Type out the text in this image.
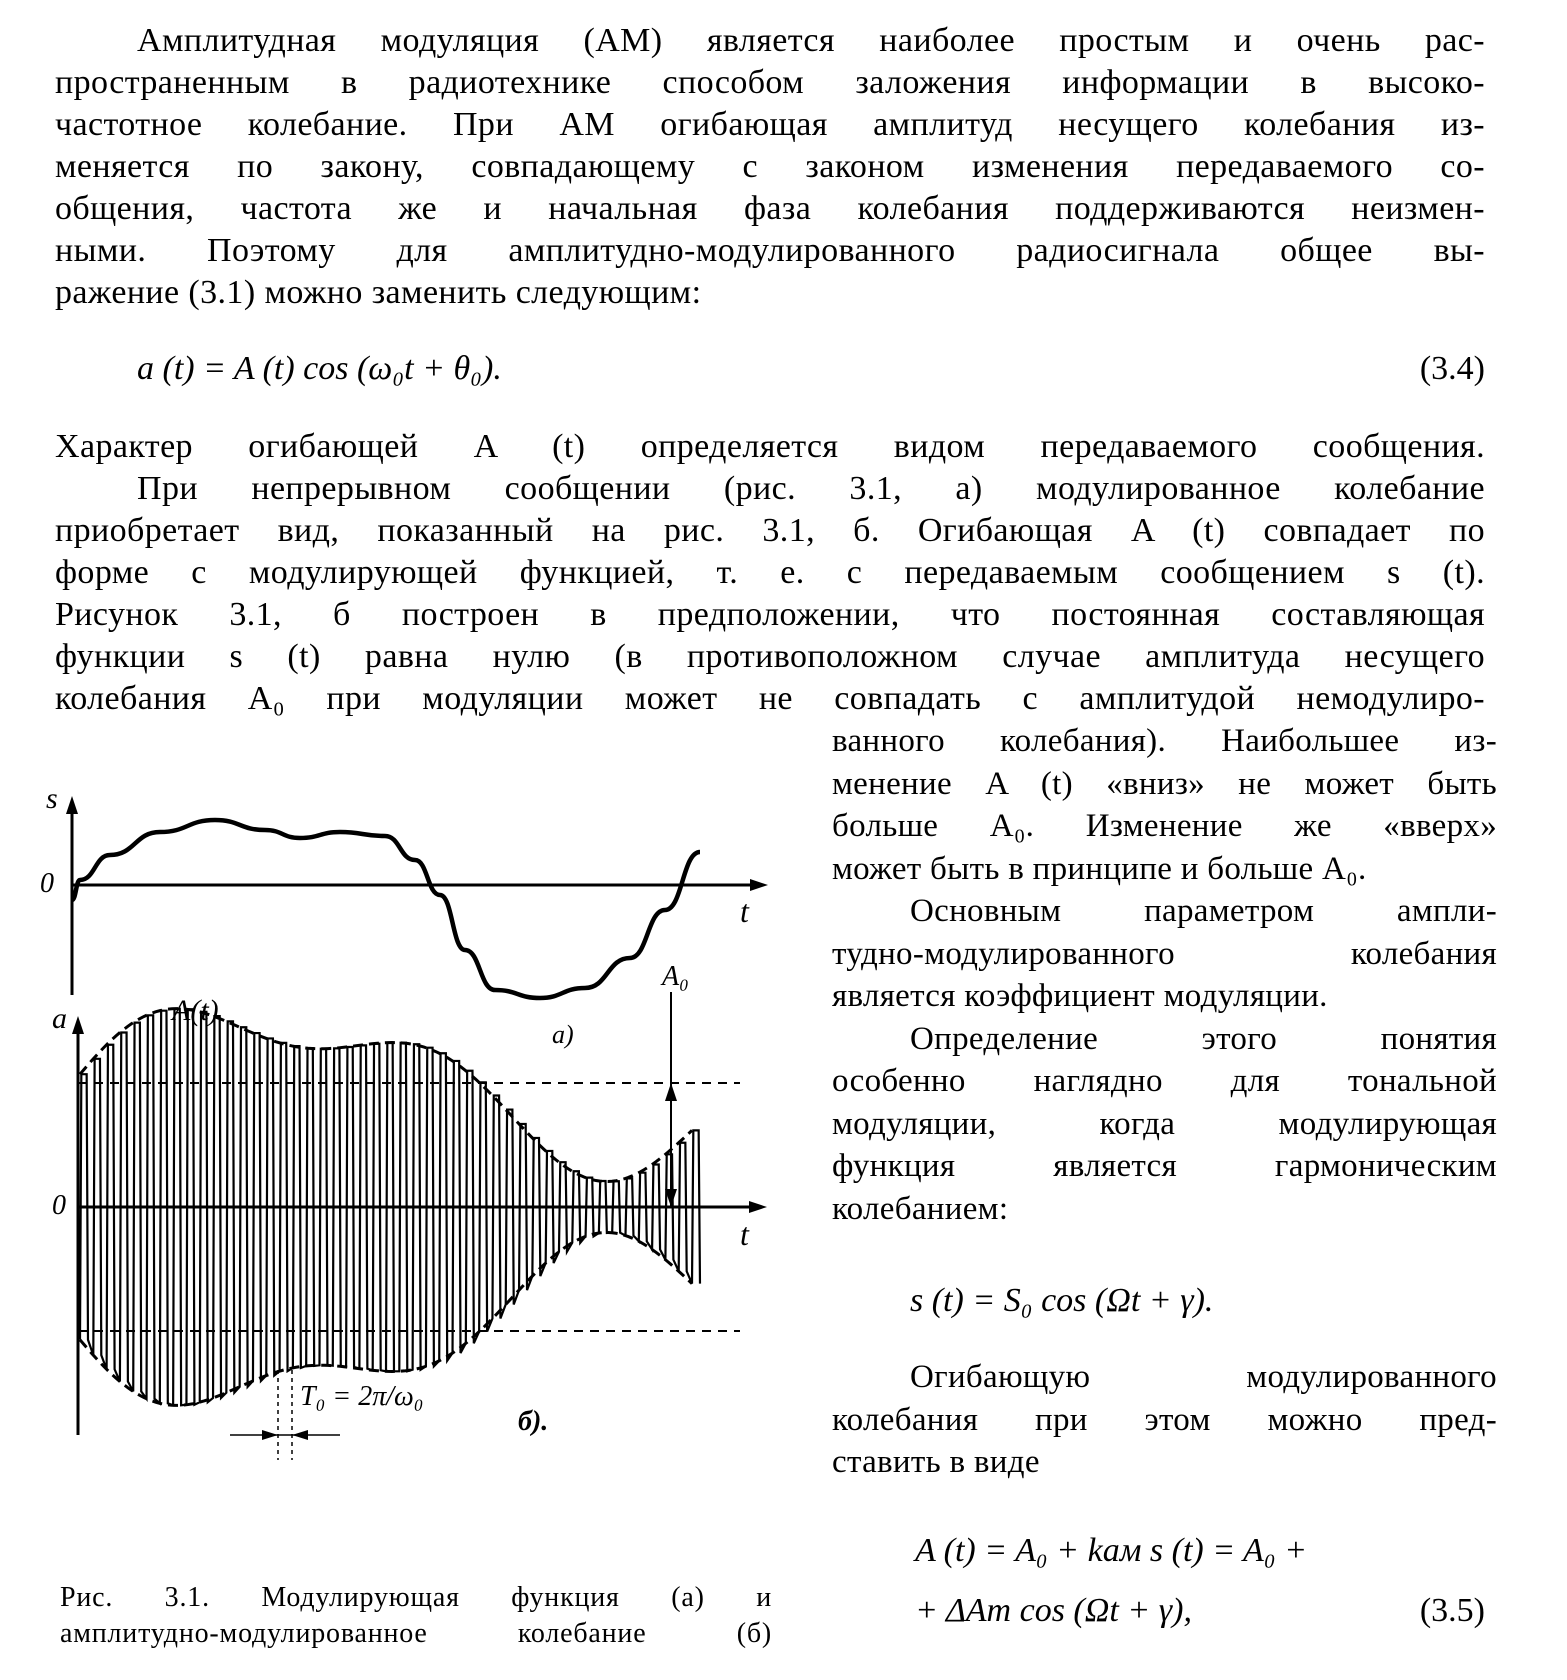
Амплитудная модуляция (АМ) является наиболее простым и очень рас-
пространенным в радиотехнике способом заложения информации в высоко-
частотное колебание. При АМ огибающая амплитуд несущего колебания из-
меняется по закону, совпадающему с законом изменения передаваемого со-
общения, частота же и начальная фаза колебания поддерживаются неизмен-
ными. Поэтому для амплитудно-модулированного радиосигнала общее вы-
ражение (3.1) можно заменить следующим:
a (t) = A (t) cos (ω₀t + θ₀).	(3.4)
Характер огибающей A (t) определяется видом передаваемого сообщения.
При непрерывном сообщении (рис. 3.1, а) модулированное колебание
приобретает вид, показанный на рис. 3.1, б. Огибающая A (t) совпадает по
форме с модулирующей функцией, т. е. с передаваемым сообщением s (t).
Рисунок 3.1, б построен в предположении, что постоянная составляющая
функции s (t) равна нулю (в противоположном случае амплитуда несущего
колебания A₀ при модуляции может не совпадать с амплитудой немодулиро-
ванного колебания). Наибольшее из-
менение A (t) «вниз» не может быть
больше A₀. Изменение же «вверх»
может быть в принципе и больше A₀.
Основным параметром ампли-
тудно-модулированного колебания
является коэффициент модуляции.
Определение этого понятия
особенно наглядно для тональной
модуляции, когда модулирующая
функция является гармоническим
колебанием:
s (t) = S₀ cos (Ωt + γ).
Огибающую модулированного
колебания при этом можно пред-
ставить в виде
A (t) = A₀ + kам s (t) = A₀ +
+ ΔAm cos (Ωt + γ),	(3.5)
s
0
t
а)
a	A(t)
A₀
0
t
T₀ = 2π/ω₀
б).
Рис. 3.1. Модулирующая функция (а) и
амплитудно-модулированное колебание (б)
